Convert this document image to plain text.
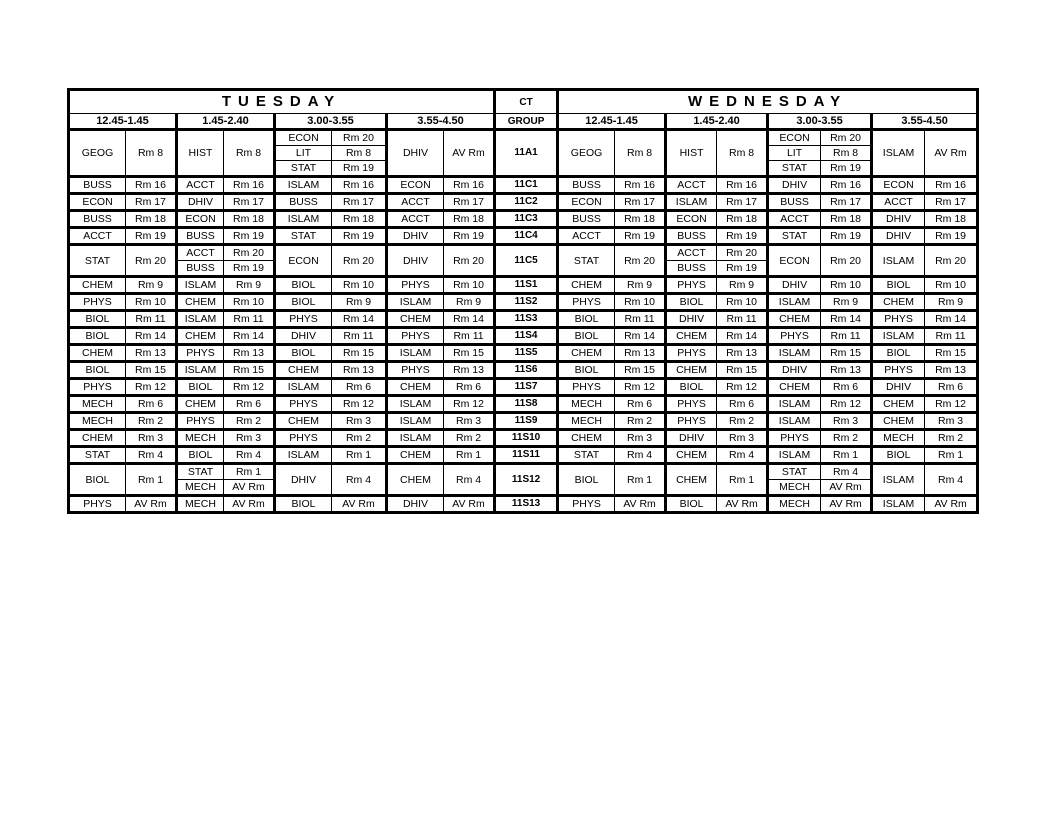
TUESDAY								CT	WEDNESDAY							
12.45-1.45		1.45-2.40		3.00-3.55		3.55-4.50		GROUP	12.45-1.45		1.45-2.40		3.00-3.55		3.55-4.50	
GEOG	Rm 8	HIST	Rm 8	ECON	Rm 20	DHIV	AV Rm	11A1	GEOG	Rm 8	HIST	Rm 8	ECON	Rm 20	ISLAM	AV Rm
				LIT	Rm 8								LIT	Rm 8		
				STAT	Rm 19								STAT	Rm 19		
BUSS	Rm 16	ACCT	Rm 16	ISLAM	Rm 16	ECON	Rm 16	11C1	BUSS	Rm 16	ACCT	Rm 16	DHIV	Rm 16	ECON	Rm 16
ECON	Rm 17	DHIV	Rm 17	BUSS	Rm 17	ACCT	Rm 17	11C2	ECON	Rm 17	ISLAM	Rm 17	BUSS	Rm 17	ACCT	Rm 17
BUSS	Rm 18	ECON	Rm 18	ISLAM	Rm 18	ACCT	Rm 18	11C3	BUSS	Rm 18	ECON	Rm 18	ACCT	Rm 18	DHIV	Rm 18
ACCT	Rm 19	BUSS	Rm 19	STAT	Rm 19	DHIV	Rm 19	11C4	ACCT	Rm 19	BUSS	Rm 19	STAT	Rm 19	DHIV	Rm 19
STAT	Rm 20	ACCT	Rm 20	ECON	Rm 20	DHIV	Rm 20	11C5	STAT	Rm 20	ACCT	Rm 20	ECON	Rm 20	ISLAM	Rm 20
		BUSS	Rm 19								BUSS	Rm 19				
CHEM	Rm 9	ISLAM	Rm 9	BIOL	Rm 10	PHYS	Rm 10	11S1	CHEM	Rm 9	PHYS	Rm 9	DHIV	Rm 10	BIOL	Rm 10
PHYS	Rm 10	CHEM	Rm 10	BIOL	Rm 9	ISLAM	Rm 9	11S2	PHYS	Rm 10	BIOL	Rm 10	ISLAM	Rm 9	CHEM	Rm 9
BIOL	Rm 11	ISLAM	Rm 11	PHYS	Rm 14	CHEM	Rm 14	11S3	BIOL	Rm 11	DHIV	Rm 11	CHEM	Rm 14	PHYS	Rm 14
BIOL	Rm 14	CHEM	Rm 14	DHIV	Rm 11	PHYS	Rm 11	11S4	BIOL	Rm 14	CHEM	Rm 14	PHYS	Rm 11	ISLAM	Rm 11
CHEM	Rm 13	PHYS	Rm 13	BIOL	Rm 15	ISLAM	Rm 15	11S5	CHEM	Rm 13	PHYS	Rm 13	ISLAM	Rm 15	BIOL	Rm 15
BIOL	Rm 15	ISLAM	Rm 15	CHEM	Rm 13	PHYS	Rm 13	11S6	BIOL	Rm 15	CHEM	Rm 15	DHIV	Rm 13	PHYS	Rm 13
PHYS	Rm 12	BIOL	Rm 12	ISLAM	Rm 6	CHEM	Rm 6	11S7	PHYS	Rm 12	BIOL	Rm 12	CHEM	Rm 6	DHIV	Rm 6
MECH	Rm 6	CHEM	Rm 6	PHYS	Rm 12	ISLAM	Rm 12	11S8	MECH	Rm 6	PHYS	Rm 6	ISLAM	Rm 12	CHEM	Rm 12
MECH	Rm 2	PHYS	Rm 2	CHEM	Rm 3	ISLAM	Rm 3	11S9	MECH	Rm 2	PHYS	Rm 2	ISLAM	Rm 3	CHEM	Rm 3
CHEM	Rm 3	MECH	Rm 3	PHYS	Rm 2	ISLAM	Rm 2	11S10	CHEM	Rm 3	DHIV	Rm 3	PHYS	Rm 2	MECH	Rm 2
STAT	Rm 4	BIOL	Rm 4	ISLAM	Rm 1	CHEM	Rm 1	11S11	STAT	Rm 4	CHEM	Rm 4	ISLAM	Rm 1	BIOL	Rm 1
BIOL	Rm 1	STAT	Rm 1	DHIV	Rm 4	CHEM	Rm 4	11S12	BIOL	Rm 1	CHEM	Rm 1	STAT	Rm 4	ISLAM	Rm 4
		MECH	AV Rm										MECH	AV Rm		
PHYS	AV Rm	MECH	AV Rm	BIOL	AV Rm	DHIV	AV Rm	11S13	PHYS	AV Rm	BIOL	AV Rm	MECH	AV Rm	ISLAM	AV Rm
